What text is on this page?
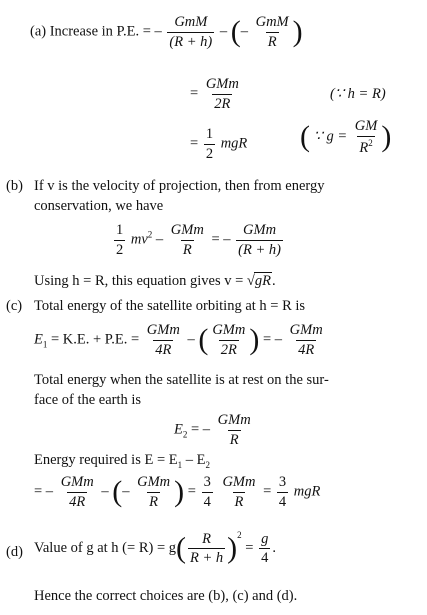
(a) Increase in P.E. = – $\frac{\text{GmM}}{(R + h)}$ – (– $\frac{\text{GmM}}{R}$ )
= $\frac{\text{GMm}}{2R}$	(∵ h = R)
= $\frac{1}{2}$ mgR ( ∵ $g = \frac{GM}{R^2}$ )
(b) If v is the velocity of projection, then from energy
conservation, we have
$\frac{1}{2} mv^2 - \frac{\text{GMm}}{R}$ = – $\frac{\text{GMm}}{(R + h)}$
Using h = R, this equation gives v = √gR.
(c) Total energy of the satellite orbiting at h = R is
$E_1 = K.E$. + P.E. = $\frac{\text{GMm}}{4R}$ – ( $\frac{\text{GMm}}{2R}$ ) = – $\frac{\text{GMm}}{4R}$
Total energy when the satellite is at rest on the sur-
face of the earth is
$E_2$ = – $\frac{\text{GMm}}{R}$
Energy required is $E = E_1 - E_2$
= – $\frac{\text{GMm}}{4R}$ – (– $\frac{\text{GMm}}{R}$ ) = $\frac{3}{4}$
$\frac{\text{GMm}}{R} = \frac{3}{4}$ mgR
(d) Value of g at h (= $R) = g( \frac{R}{R + h} )^2 = \frac{g}{4}$ .
Hence the correct choices are (b), (c) and (d).
